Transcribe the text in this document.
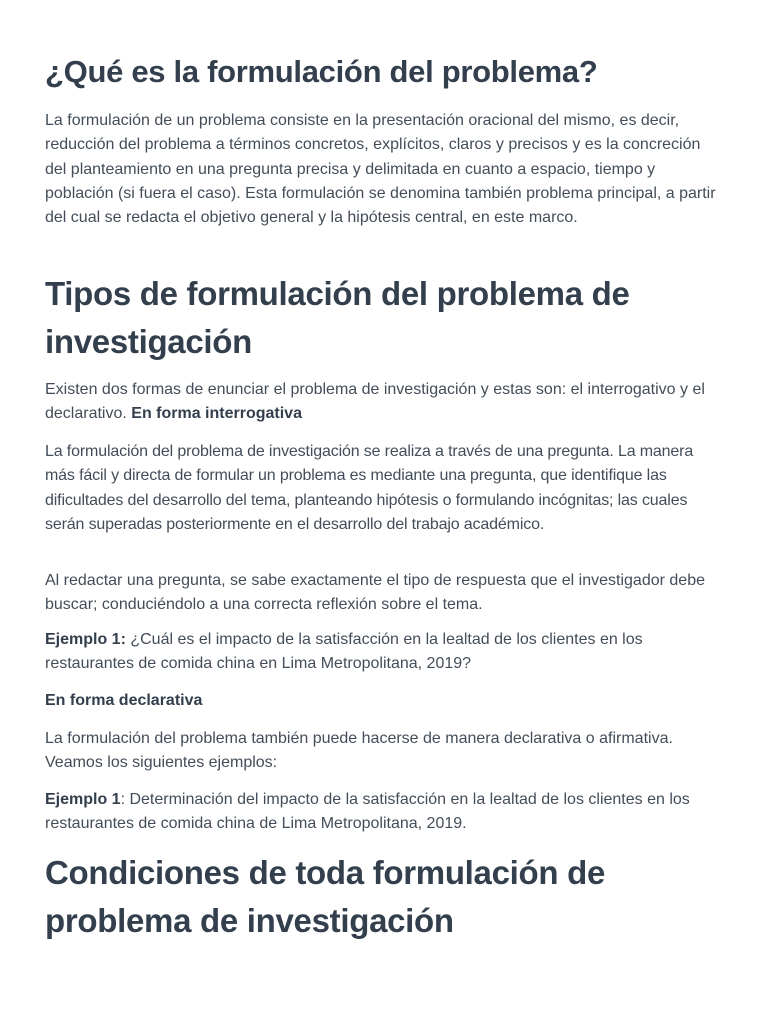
¿Qué es la formulación del problema?

La formulación de un problema consiste en la presentación oracional del mismo, es decir, reducción del problema a términos concretos, explícitos, claros y precisos y es la concreción del planteamiento en una pregunta precisa y delimitada en cuanto a espacio, tiempo y población (si fuera el caso). Esta formulación se denomina también problema principal, a partir del cual se redacta el objetivo general y la hipótesis central, en este marco.

Tipos de formulación del problema de investigación

Existen dos formas de enunciar el problema de investigación y estas son: el interrogativo y el declarativo. En forma interrogativa

La formulación del problema de investigación se realiza a través de una pregunta. La manera más fácil y directa de formular un problema es mediante una pregunta, que identifique las dificultades del desarrollo del tema, planteando hipótesis o formulando incógnitas; las cuales serán superadas posteriormente en el desarrollo del trabajo académico.

Al redactar una pregunta, se sabe exactamente el tipo de respuesta que el investigador debe buscar; conduciéndolo a una correcta reflexión sobre el tema.

Ejemplo 1: ¿Cuál es el impacto de la satisfacción en la lealtad de los clientes en los restaurantes de comida china en Lima Metropolitana, 2019?

En forma declarativa

La formulación del problema también puede hacerse de manera declarativa o afirmativa. Veamos los siguientes ejemplos:

Ejemplo 1: Determinación del impacto de la satisfacción en la lealtad de los clientes en los restaurantes de comida china de Lima Metropolitana, 2019.

Condiciones de toda formulación de problema de investigación
